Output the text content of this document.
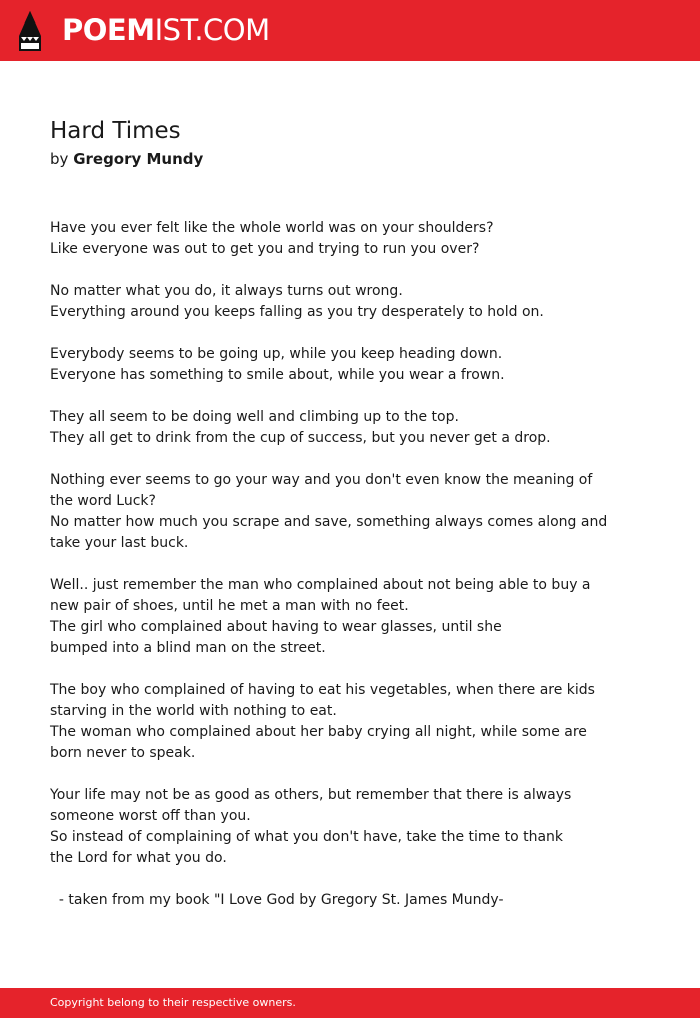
POEMIST.COM
Hard Times
by Gregory Mundy
Have you ever felt like the whole world was on your shoulders?
Like everyone was out to get you and trying to run you over?
No matter what you do, it always turns out wrong.
Everything around you keeps falling as you try desperately to hold on.
Everybody seems to be going up, while you keep heading down.
Everyone has something to smile about, while you wear a frown.
They all seem to be doing well and climbing up to the top.
They all get to drink from the cup of success, but you never get a drop.
Nothing ever seems to go your way and you don't even know the meaning of
the word Luck?
No matter how much you scrape and save, something always comes along and
take your last buck.
Well.. just remember the man who complained about not being able to buy a
new pair of shoes, until he met a man with no feet.
The girl who complained about having to wear glasses, until she
bumped into a blind man on the street.
The boy who complained of having to eat his vegetables, when there are kids
starving in the world with nothing to eat.
The woman who complained about her baby crying all night, while some are
born never to speak.
Your life may not be as good as others, but remember that there is always
someone worst off than you.
So instead of complaining of what you don't have, take the time to thank
the Lord for what you do.
- taken from my book "I Love God by Gregory St. James Mundy-
Copyright belong to their respective owners.
